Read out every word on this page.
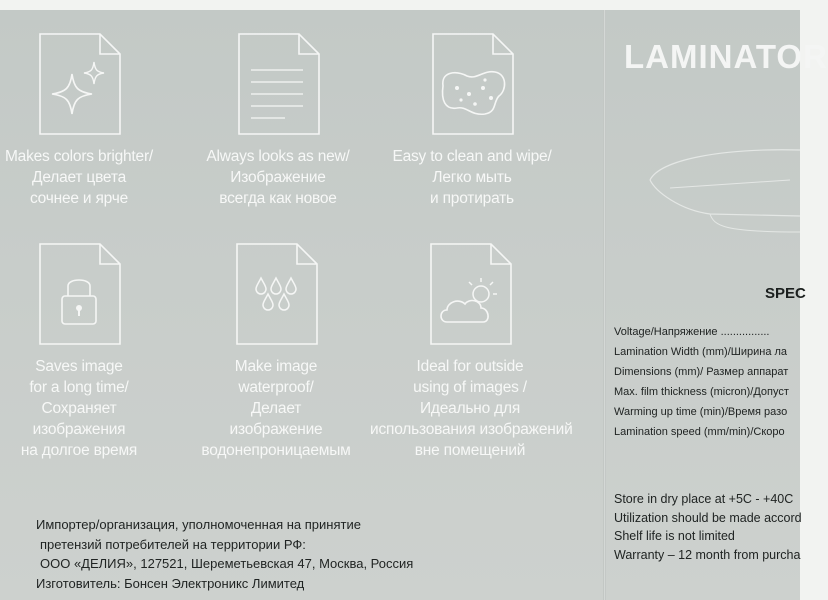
Makes colors brighter/
Делает цвета
сочнее и ярче
Always looks as new/
Изображение
всегда как новое
Easy to clean and wipe/
Легко мыть
и протирать
Saves image
for a long time/
Сохраняет
изображения
на долгое время
Make image
waterproof/
Делает
изображение
водонепроницаемым
Ideal for outside
using of images /
Идеально для
использования изображений
вне помещений
Импортер/организация, уполномоченная на принятие
претензий потребителей на территории РФ:
ООО «ДЕЛИЯ», 127521, Шереметьевская 47, Москва, Россия
Изготовитель: Бонсен Электроникс Лимитед
LAMINATOR
SPEC
Voltage/Напряжение ................
Lamination Width (mm)/Ширина ла
Dimensions (mm)/ Размер аппарат
Max. film thickness (micron)/Допуст
Warming up time (min)/Время разо
Lamination speed (mm/min)/Скоро
Store in dry place at +5C - +40C
Utilization should be made accord
Shelf life is not limited
Warranty – 12 month from purcha
